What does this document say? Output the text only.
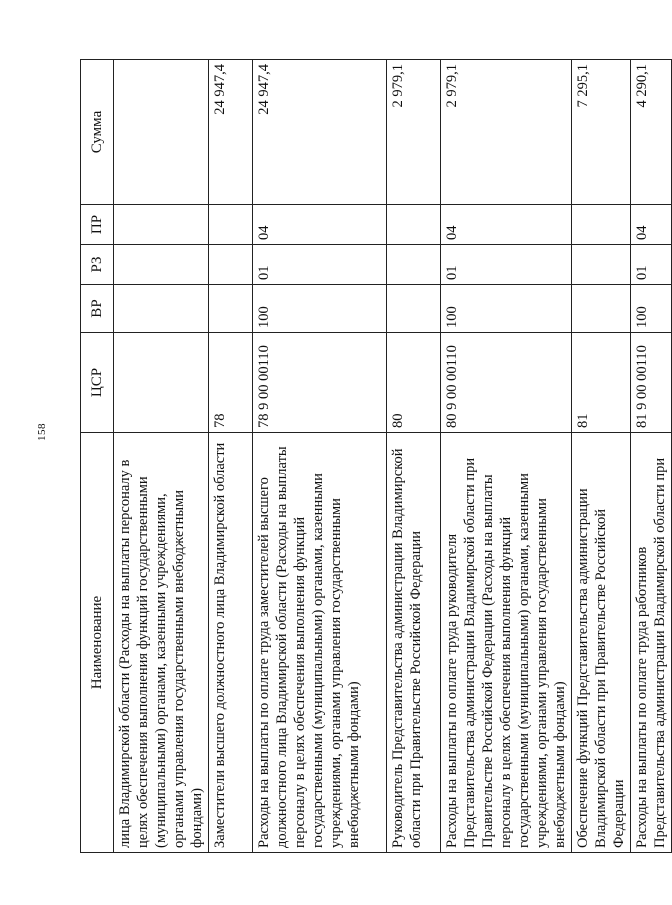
158
Наименование	ЦСР	ВР	РЗ	ПР	Сумма
лица Владимирской области (Расходы на выплаты персоналу в целях обеспечения выполнения функций государственными (муниципальными) органами, казенными учреждениями, органами управления государственными внебюджетными фондами)					
Заместители высшего должностного лица Владимирской области	78				24 947,4
Расходы на выплаты по оплате труда заместителей высшего должностного лица Владимирской области (Расходы на выплаты персоналу в целях обеспечения выполнения функций государственными (муниципальными) органами, казенными учреждениями, органами управления государственными внебюджетными фондами)	78 9 00 00110	100	01	04	24 947,4
Руководитель Представительства администрации Владимирской области при Правительстве Российской Федерации	80				2 979,1
Расходы на выплаты по оплате труда руководителя Представительства администрации Владимирской области при Правительстве Российской Федерации (Расходы на выплаты персоналу в целях обеспечения выполнения функций государственными (муниципальными) органами, казенными учреждениями, органами управления государственными внебюджетными фондами)	80 9 00 00110	100	01	04	2 979,1
Обеспечение функций Представительства администрации Владимирской области при Правительстве Российской Федерации	81				7 295,1
Расходы на выплаты по оплате труда работников Представительства администрации Владимирской области при	81 9 00 00110	100	01	04	4 290,1
